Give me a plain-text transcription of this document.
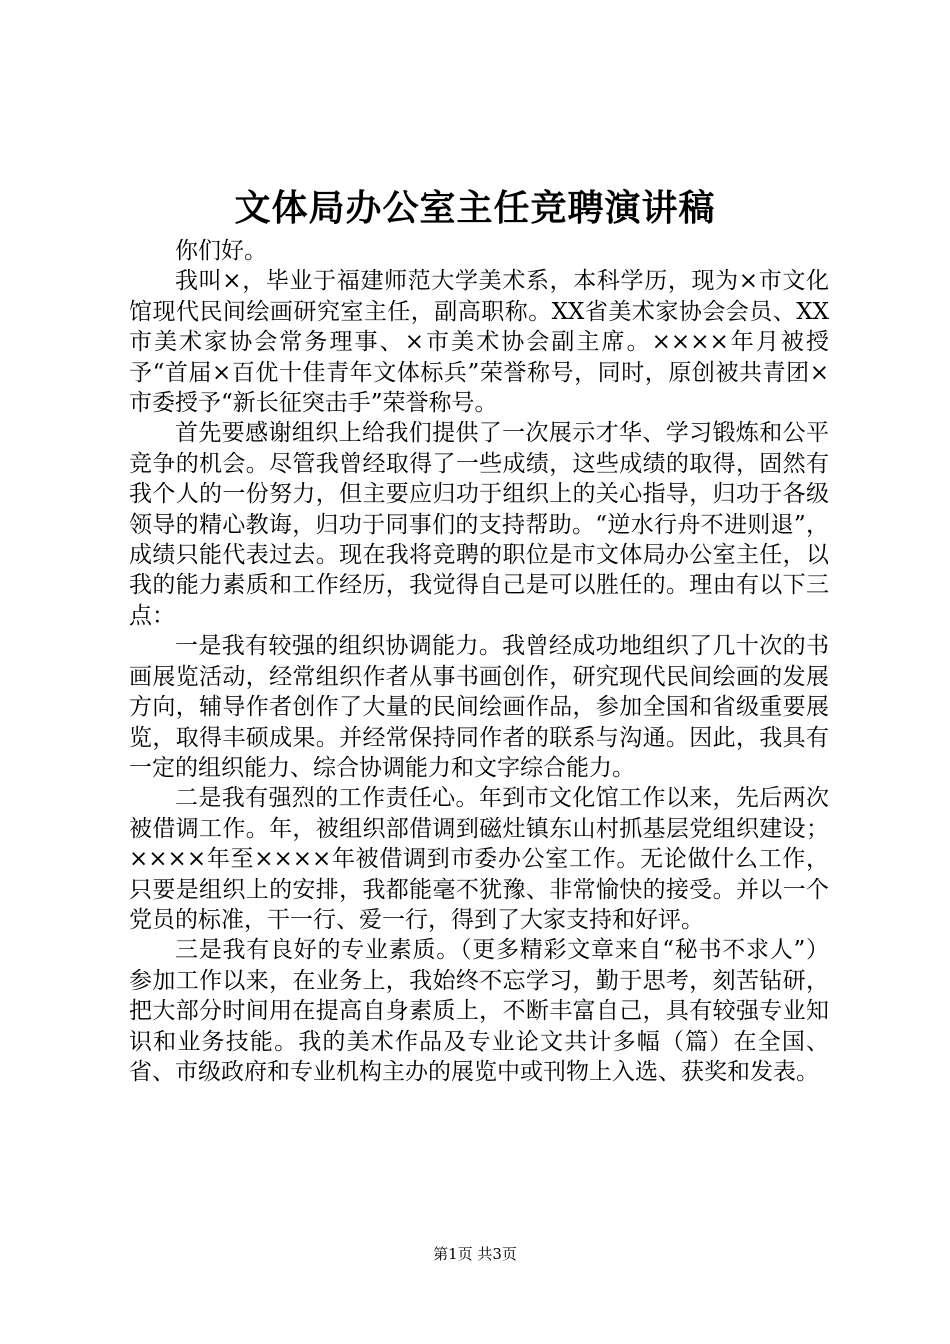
文体局办公室主任竞聘演讲稿

你们好。

我叫×，毕业于福建师范大学美术系，本科学历，现为×市文化馆现代民间绘画研究室主任，副高职称。XX省美术家协会会员、XX市美术家协会常务理事、×市美术协会副主席。××××年月被授予“首届×百优十佳青年文体标兵”荣誉称号，同时，原创被共青团×市委授予“新长征突击手”荣誉称号。

首先要感谢组织上给我们提供了一次展示才华、学习锻炼和公平竞争的机会。尽管我曾经取得了一些成绩，这些成绩的取得，固然有我个人的一份努力，但主要应归功于组织上的关心指导，归功于各级领导的精心教诲，归功于同事们的支持帮助。“逆水行舟不进则退”，成绩只能代表过去。现在我将竞聘的职位是市文体局办公室主任，以我的能力素质和工作经历，我觉得自己是可以胜任的。理由有以下三点：

一是我有较强的组织协调能力。我曾经成功地组织了几十次的书画展览活动，经常组织作者从事书画创作，研究现代民间绘画的发展方向，辅导作者创作了大量的民间绘画作品，参加全国和省级重要展览，取得丰硕成果。并经常保持同作者的联系与沟通。因此，我具有一定的组织能力、综合协调能力和文字综合能力。

二是我有强烈的工作责任心。年到市文化馆工作以来，先后两次被借调工作。年，被组织部借调到磁灶镇东山村抓基层党组织建设；××××年至××××年被借调到市委办公室工作。无论做什么工作，只要是组织上的安排，我都能毫不犹豫、非常愉快的接受。并以一个党员的标准，干一行、爱一行，得到了大家支持和好评。

三是我有良好的专业素质。（更多精彩文章来自“秘书不求人”）参加工作以来，在业务上，我始终不忘学习，勤于思考，刻苦钻研，把大部分时间用在提高自身素质上，不断丰富自己，具有较强专业知识和业务技能。我的美术作品及专业论文共计多幅（篇）在全国、省、市级政府和专业机构主办的展览中或刊物上入选、获奖和发表。

第1页 共3页
